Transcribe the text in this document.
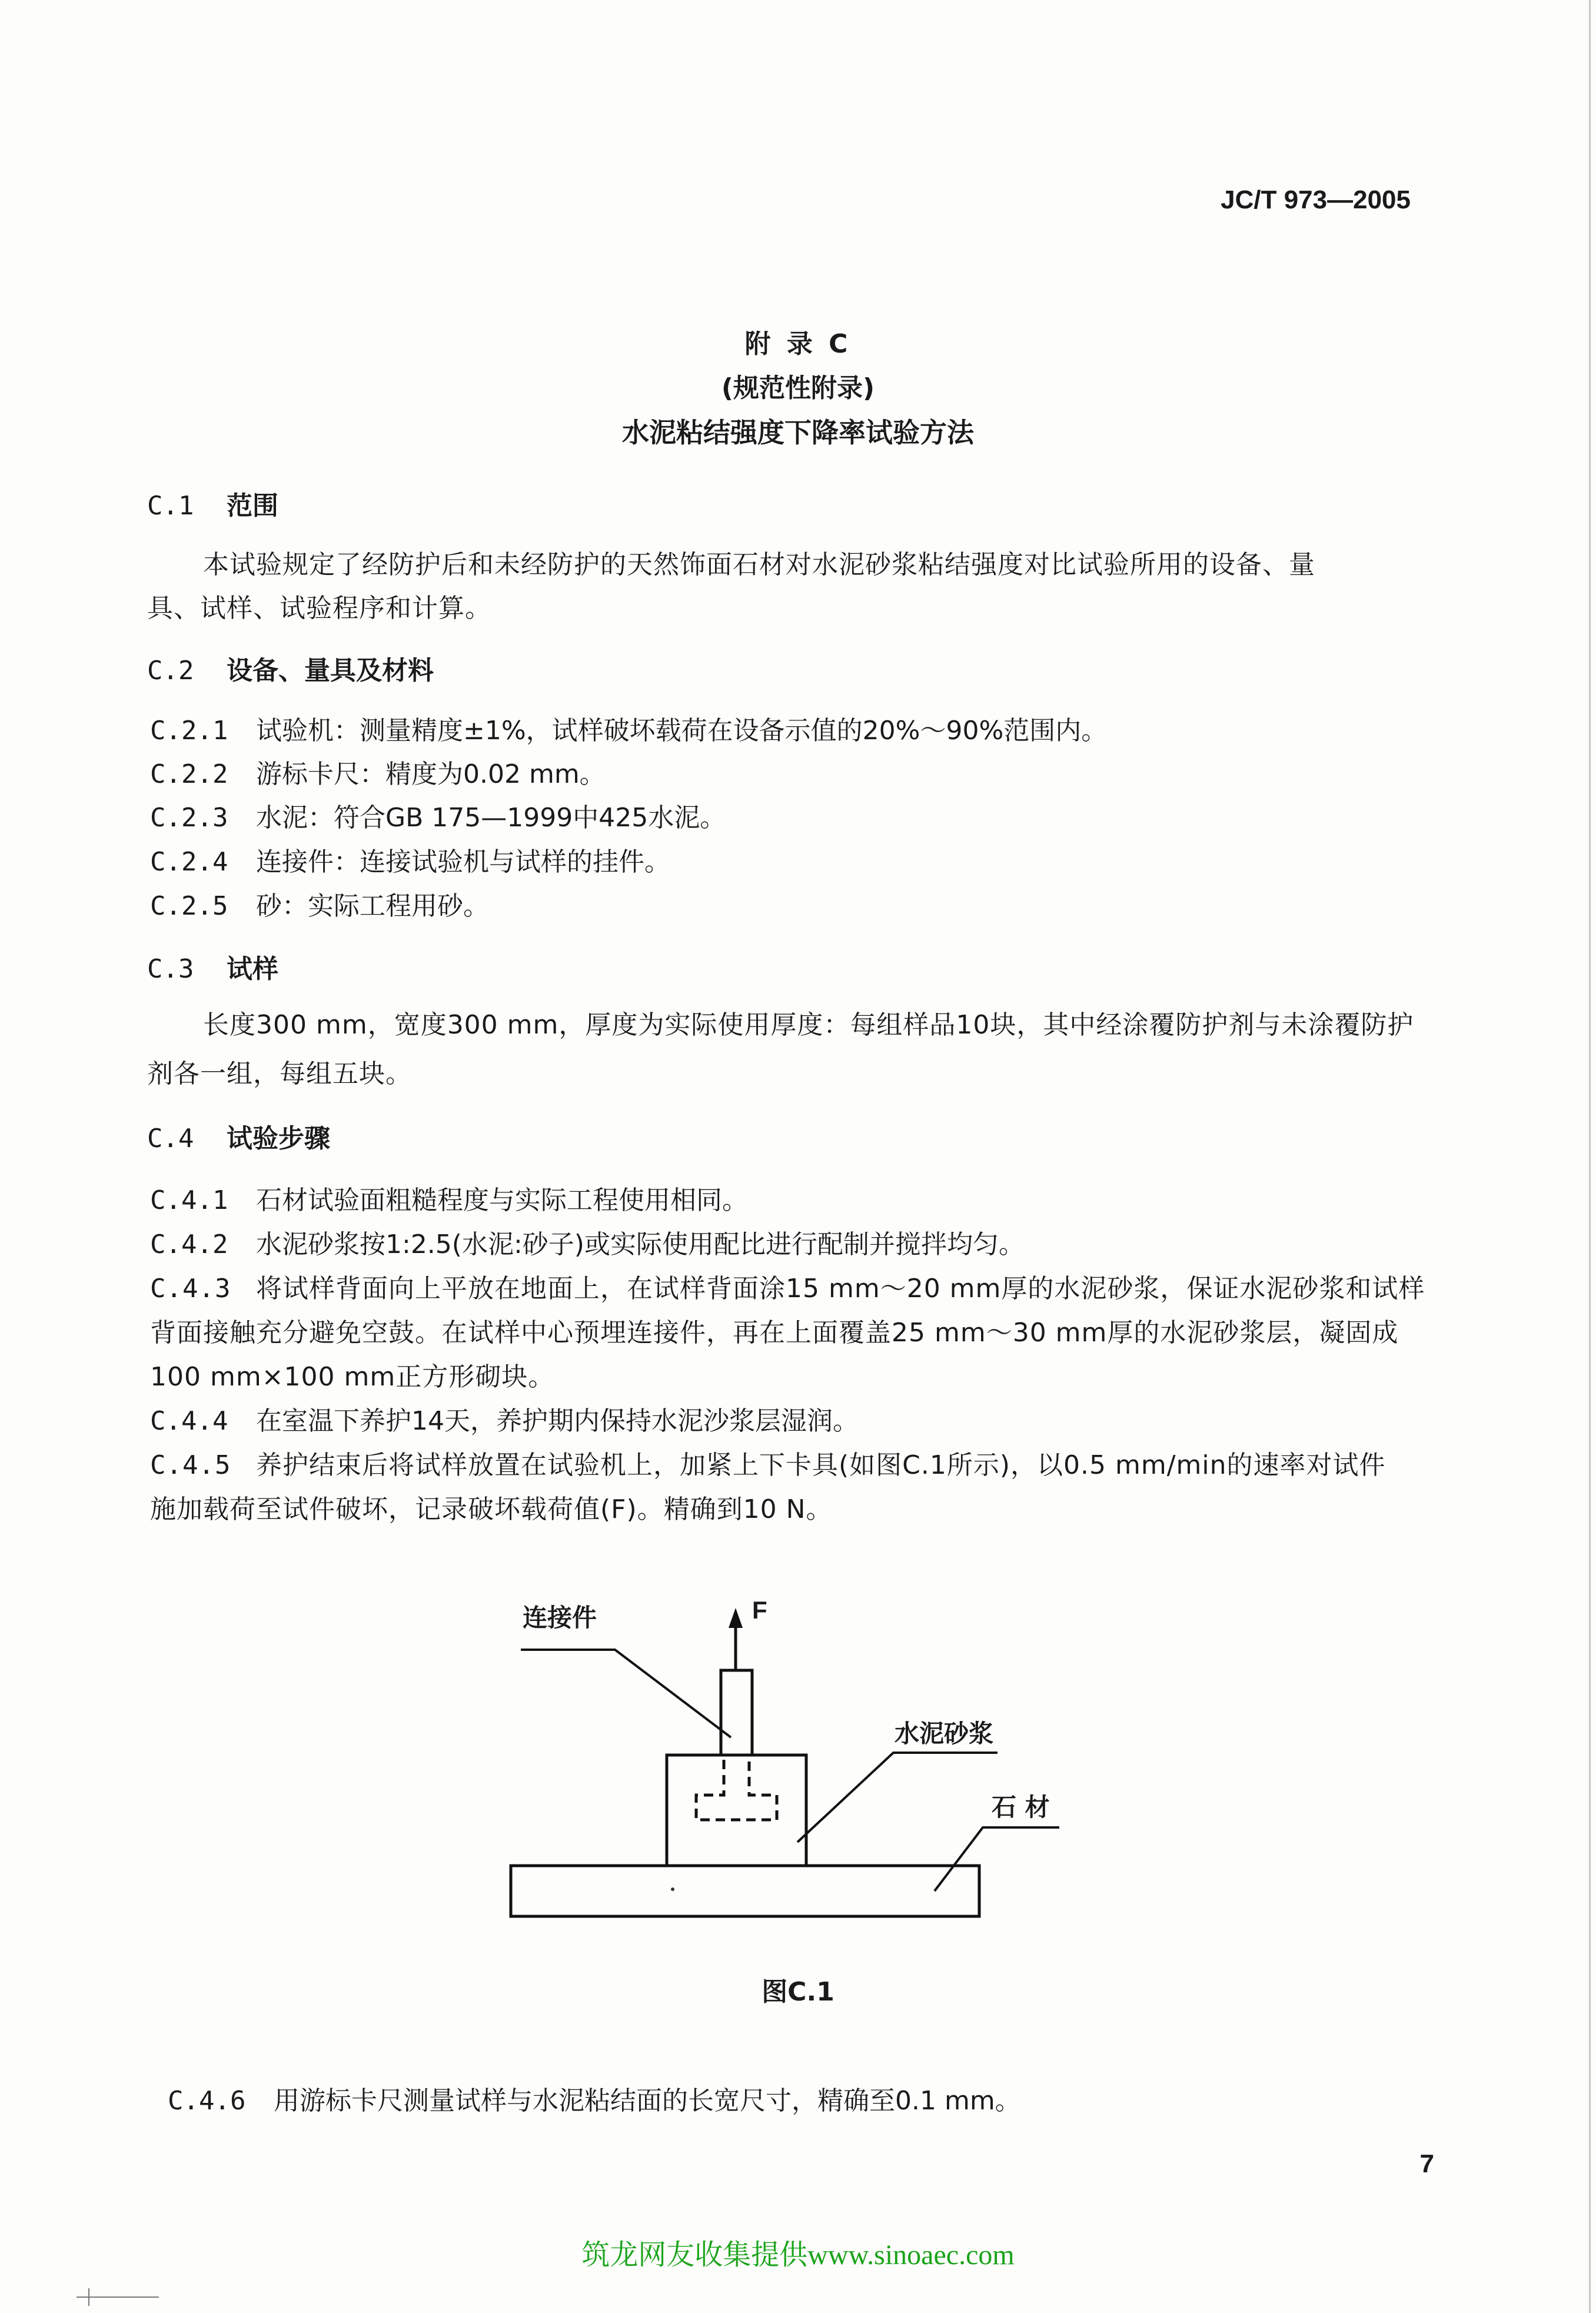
JC/T 973—2005
附 录 C
(规范性附录)
水泥粘结强度下降率试验方法
C.1 范围
本试验规定了经防护后和未经防护的天然饰面石材对水泥砂浆粘结强度对比试验所用的设备、量
具、试样、试验程序和计算。
C.2 设备、量具及材料
C.2.1 试验机：测量精度±1%，试样破坏载荷在设备示值的20%～90%范围内。
C.2.2 游标卡尺：精度为0.02 mm。
C.2.3 水泥：符合GB 175—1999中425水泥。
C.2.4 连接件：连接试验机与试样的挂件。
C.2.5 砂：实际工程用砂。
C.3 试样
长度300 mm，宽度300 mm，厚度为实际使用厚度：每组样品10块，其中经涂覆防护剂与未涂覆防护
剂各一组，每组五块。
C.4 试验步骤
C.4.1 石材试验面粗糙程度与实际工程使用相同。
C.4.2 水泥砂浆按1:2.5(水泥:砂子)或实际使用配比进行配制并搅拌均匀。
C.4.3 将试样背面向上平放在地面上，在试样背面涂15 mm～20 mm厚的水泥砂浆，保证水泥砂浆和试样
背面接触充分避免空鼓。在试样中心预埋连接件，再在上面覆盖25 mm～30 mm厚的水泥砂浆层，凝固成
100 mm×100 mm正方形砌块。
C.4.4 在室温下养护14天，养护期内保持水泥沙浆层湿润。
C.4.5 养护结束后将试样放置在试验机上，加紧上下卡具(如图C.1所示)，以0.5 mm/min的速率对试件
施加载荷至试件破坏，记录破坏载荷值(F)。精确到10 N。
连接件	F
水泥砂浆
石 材
图C.1
C.4.6 用游标卡尺测量试样与水泥粘结面的长宽尺寸，精确至0.1 mm。
7
筑龙网友收集提供www.sinoaec.com
